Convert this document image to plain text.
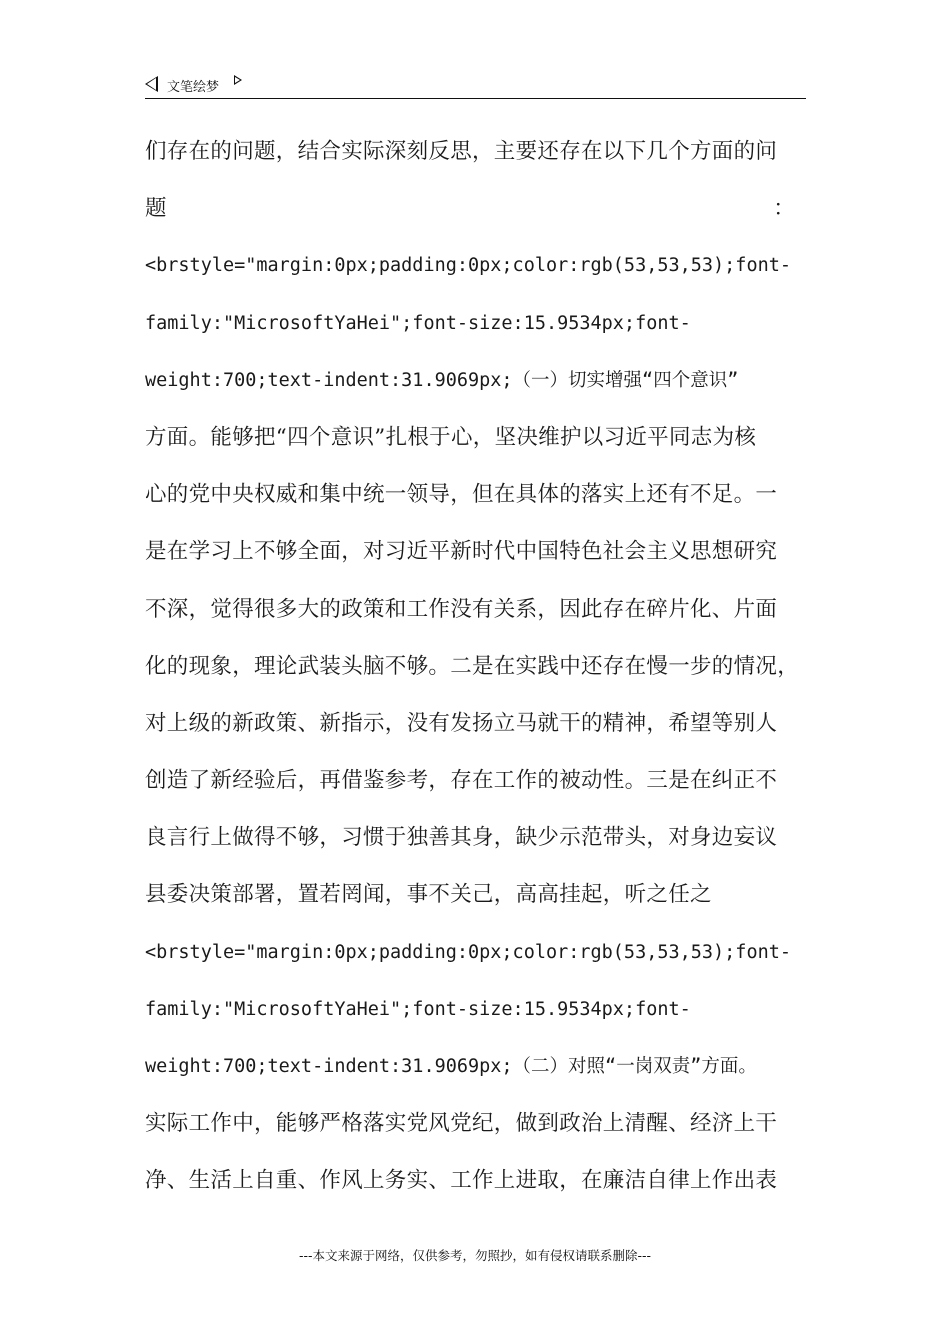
文笔绘梦
们存在的问题，结合实际深刻反思，主要还存在以下几个方面的问
题	：
<brstyle="margin:0px;padding:0px;color:rgb(53,53,53);font-
family:"MicrosoftYaHei";font-size:15.9534px;font-
weight:700;text-indent:31.9069px;（一）切实增强“四个意识”
方面。能够把“四个意识”扎根于心，坚决维护以习近平同志为核
心的党中央权威和集中统一领导，但在具体的落实上还有不足。一
是在学习上不够全面，对习近平新时代中国特色社会主义思想研究
不深，觉得很多大的政策和工作没有关系，因此存在碎片化、片面
化的现象，理论武装头脑不够。二是在实践中还存在慢一步的情况，
对上级的新政策、新指示，没有发扬立马就干的精神，希望等别人
创造了新经验后，再借鉴参考，存在工作的被动性。三是在纠正不
良言行上做得不够，习惯于独善其身，缺少示范带头，对身边妄议
县委决策部署，置若罔闻，事不关己，高高挂起，听之任之
<brstyle="margin:0px;padding:0px;color:rgb(53,53,53);font-
family:"MicrosoftYaHei";font-size:15.9534px;font-
weight:700;text-indent:31.9069px;（二）对照“一岗双责”方面。
实际工作中，能够严格落实党风党纪，做到政治上清醒、经济上干
净、生活上自重、作风上务实、工作上进取，在廉洁自律上作出表
---本文来源于网络，仅供参考，勿照抄，如有侵权请联系删除---
